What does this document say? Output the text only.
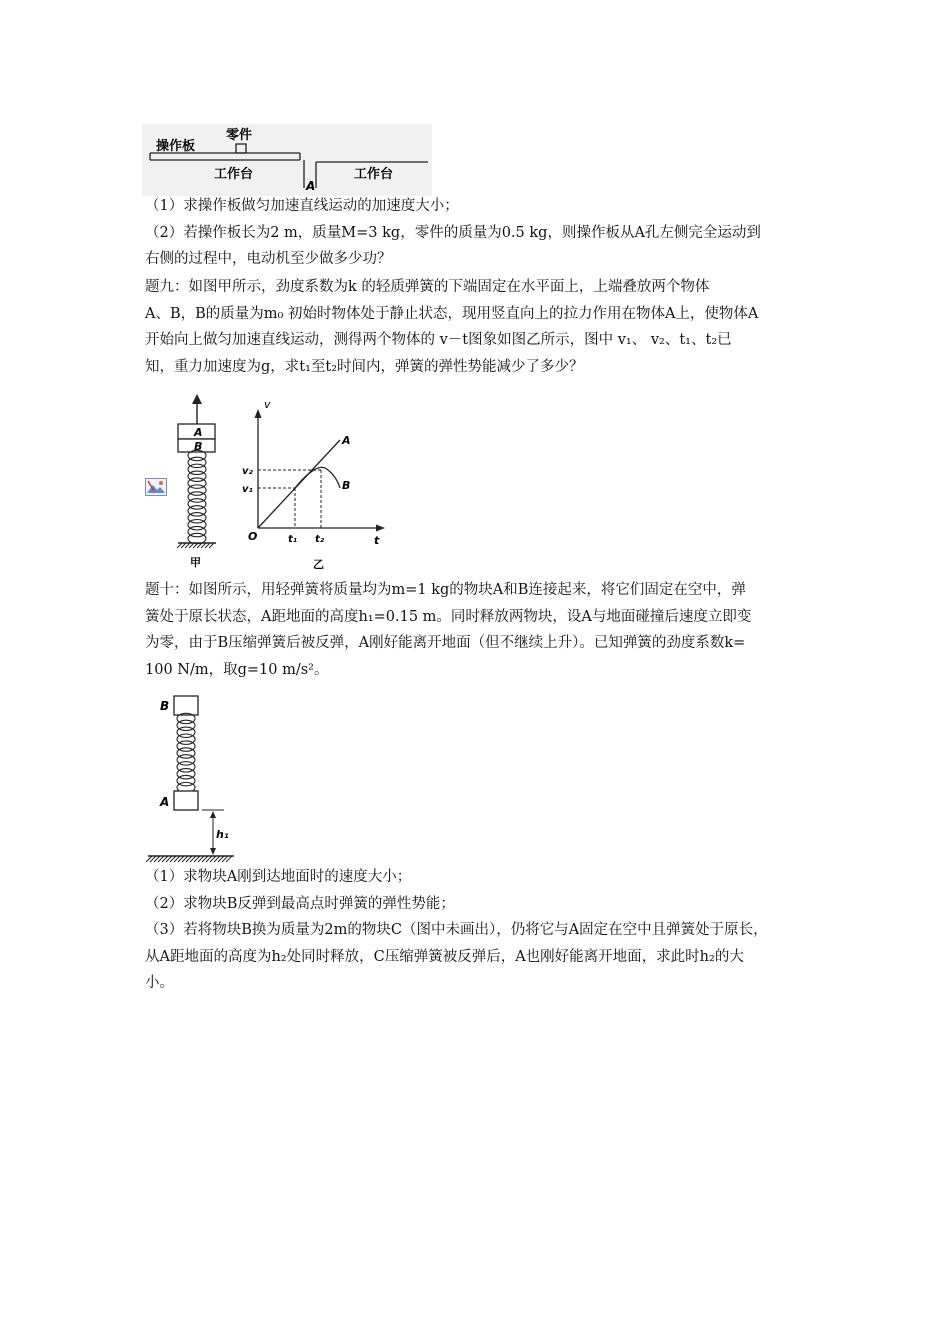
操作板
零件
工作台	工作台
A
（1）求操作板做匀加速直线运动的加速度大小；
（2）若操作板长为2 m，质量M=3 kg，零件的质量为0.5 kg，则操作板从A孔左侧完全运动到
右侧的过程中，电动机至少做多少功？
题九：如图甲所示，劲度系数为k 的轻质弹簧的下端固定在水平面上，上端叠放两个物体
A、B，B的质量为m₀ 初始时物体处于静止状态，现用竖直向上的拉力作用在物体A上，使物体A
开始向上做匀加速直线运动，测得两个物体的 v－t图象如图乙所示，图中 v₁、 v₂、t₁、t₂已
知，重力加速度为g，求t₁至t₂时间内，弹簧的弹性势能减少了多少？
A
B
甲
v
t
O
A
B
v₂
v₁
t₁ t₂
乙
题十：如图所示，用轻弹簧将质量均为m=1 kg的物块A和B连接起来，将它们固定在空中，弹
簧处于原长状态，A距地面的高度h₁=0.15 m。同时释放两物块，设A与地面碰撞后速度立即变
为零，由于B压缩弹簧后被反弹，A刚好能离开地面（但不继续上升）。已知弹簧的劲度系数k=
100 N/m，取g=10 m/s²。
B
A
h₁
（1）求物块A刚到达地面时的速度大小；
（2）求物块B反弹到最高点时弹簧的弹性势能；
（3）若将物块B换为质量为2m的物块C（图中未画出），仍将它与A固定在空中且弹簧处于原长，
从A距地面的高度为h₂处同时释放，C压缩弹簧被反弹后，A也刚好能离开地面，求此时h₂的大
小。
